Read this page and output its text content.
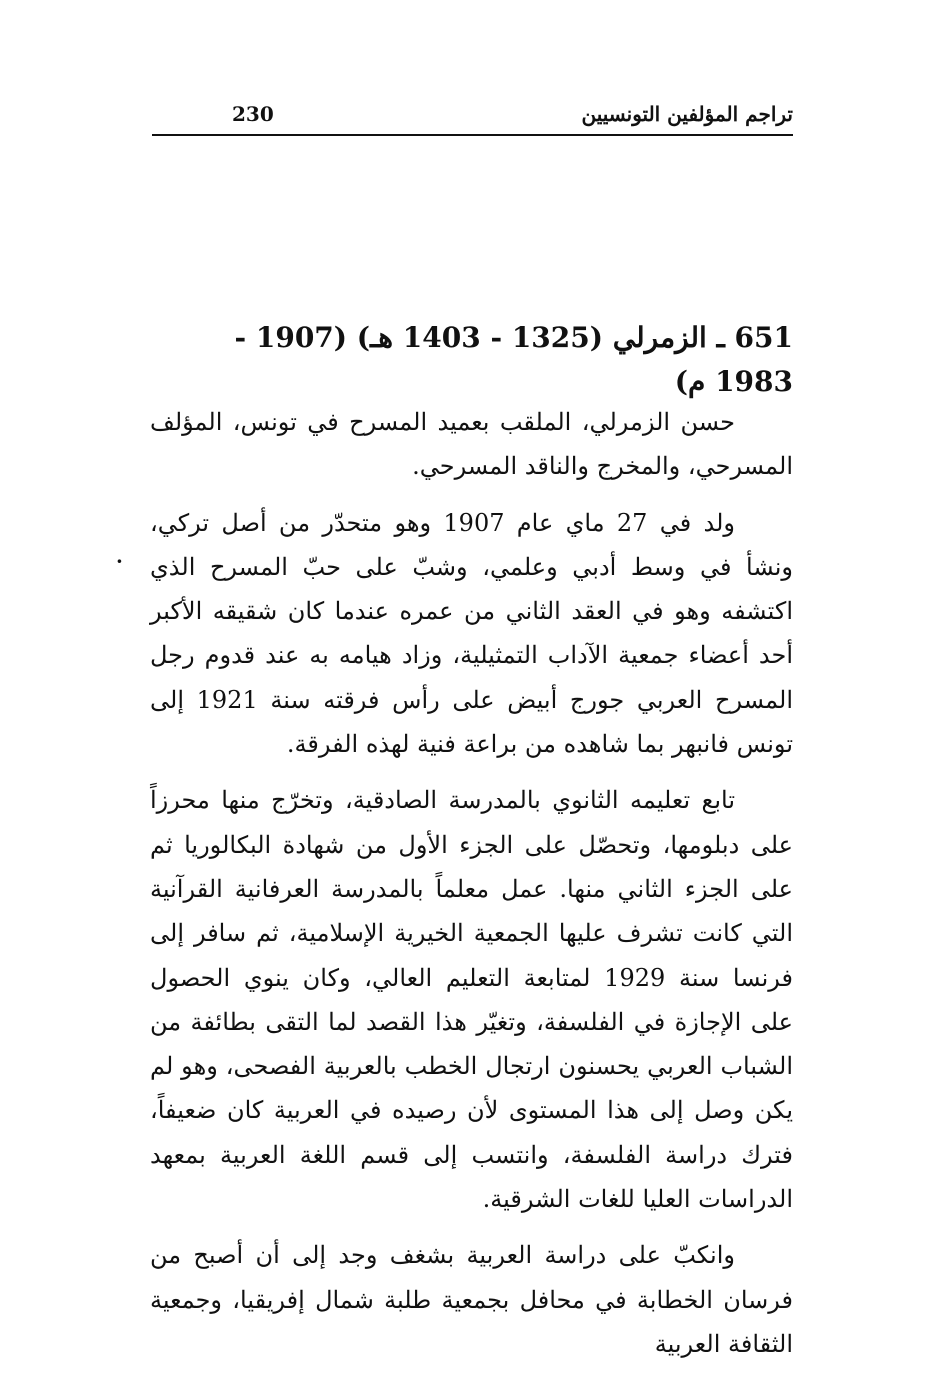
230	تراجم المؤلفين التونسيين
651 ـ الزمرلي (1325 - 1403 هـ) (1907 - 1983 م)

حسن الزمرلي، الملقب بعميد المسرح في تونس، المؤلف المسرحي، والمخرج والناقد المسرحي.

ولد في 27 ماي عام 1907 وهو متحدّر من أصل تركي، ونشأ في وسط أدبي وعلمي، وشبّ على حبّ المسرح الذي اكتشفه وهو في العقد الثاني من عمره عندما كان شقيقه الأكبر أحد أعضاء جمعية الآداب التمثيلية، وزاد هيامه به عند قدوم رجل المسرح العربي جورج أبيض على رأس فرقته سنة 1921 إلى تونس فانبهر بما شاهده من براعة فنية لهذه الفرقة.

تابع تعليمه الثانوي بالمدرسة الصادقية، وتخرّج منها محرزاً على دبلومها، وتحصّل على الجزء الأول من شهادة البكالوريا ثم على الجزء الثاني منها. عمل معلماً بالمدرسة العرفانية القرآنية التي كانت تشرف عليها الجمعية الخيرية الإسلامية، ثم سافر إلى فرنسا سنة 1929 لمتابعة التعليم العالي، وكان ينوي الحصول على الإجازة في الفلسفة، وتغيّر هذا القصد لما التقى بطائفة من الشباب العربي يحسنون ارتجال الخطب بالعربية الفصحى، وهو لم يكن وصل إلى هذا المستوى لأن رصيده في العربية كان ضعيفاً، فترك دراسة الفلسفة، وانتسب إلى قسم اللغة العربية بمعهد الدراسات العليا للغات الشرقية.

وانكبّ على دراسة العربية بشغف وجد إلى أن أصبح من فرسان الخطابة في محافل بجمعية طلبة شمال إفريقيا، وجمعية الثقافة العربية

·
